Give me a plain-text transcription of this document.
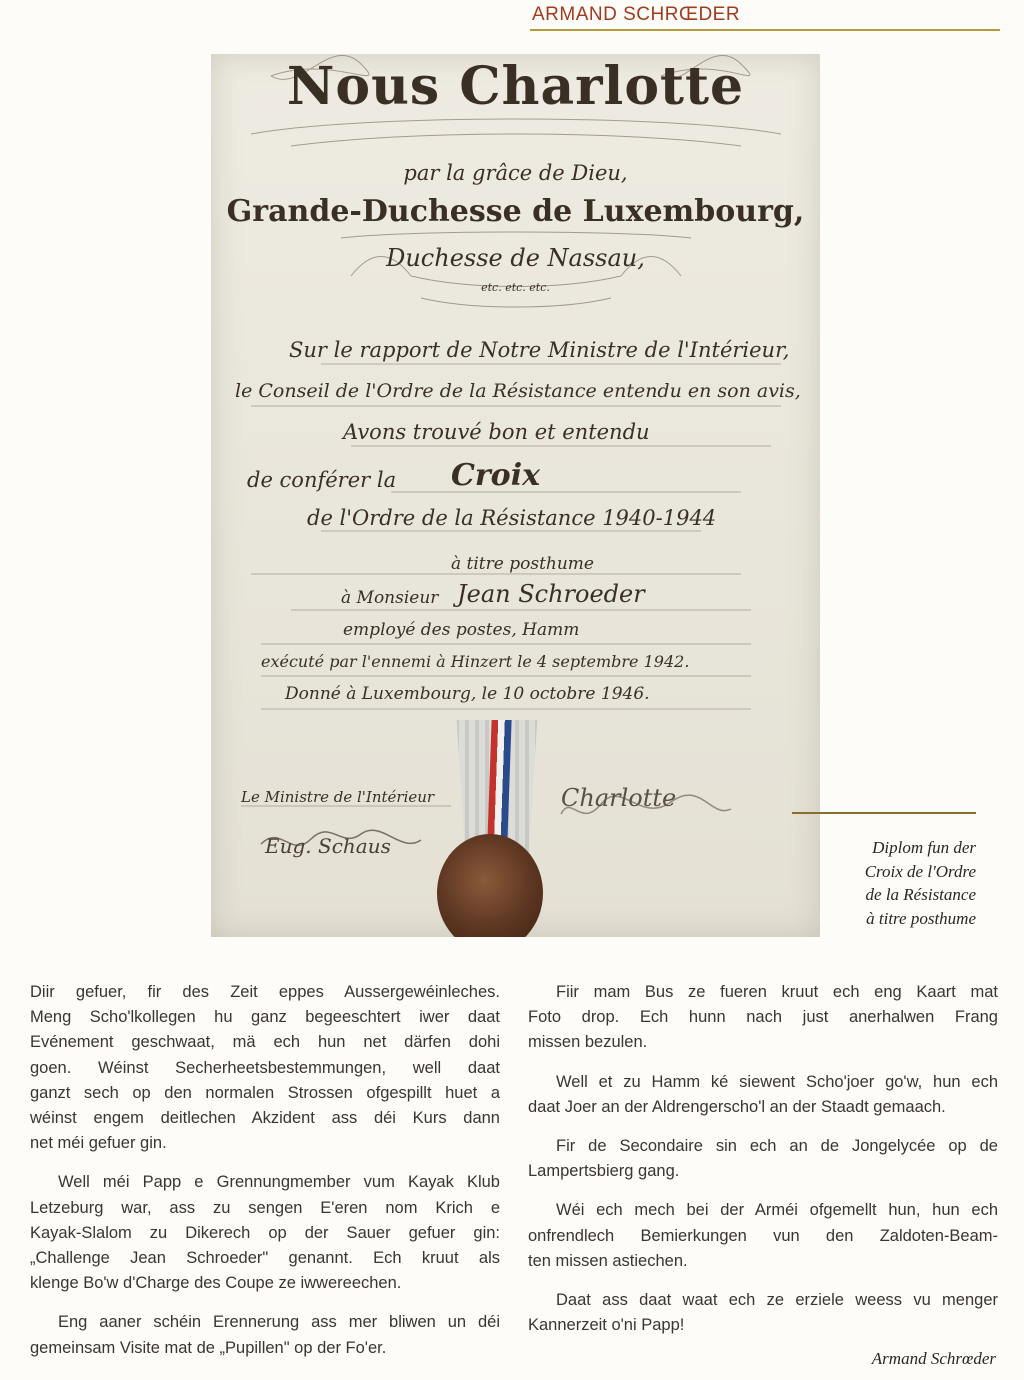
ARMAND SCHRŒDER
Nous Charlotte
par la grâce de Dieu,
Grande-Duchesse de Luxembourg,
Duchesse de Nassau,
etc. etc. etc.
Sur le rapport de Notre Ministre de l'Intérieur,
le Conseil de l'Ordre de la Résistance entendu en son avis,
Avons trouvé bon et entendu
de conférer la Croix
de l'Ordre de la Résistance 1940-1944
à titre posthume
à Monsieur Jean Schroeder
employé des postes, Hamm
exécuté par l'ennemi à Hinzert le 4 septembre 1942.
Donné à Luxembourg, le 10 octobre 1946.
Le Ministre de l'Intérieur
Eug. Schaus
Charlotte
Diplom fun der
Croix de l'Ordre
de la Résistance
à titre posthume

Diir gefuer, fir des Zeit eppes Aussergewéinleches.
Meng Scho'lkollegen hu ganz begeeschtert iwer daat
Evénement geschwaat, mä ech hun net därfen dohi
goen. Wéinst Secherheetsbestemmungen, well daat
ganzt sech op den normalen Strossen ofgespillt huet a
wéinst engem deitlechen Akzident ass déi Kurs dann
net méi gefuer gin.

Well méi Papp e Grennungmember vum Kayak Klub
Letzeburg war, ass zu sengen E'eren nom Krich e
Kayak-Slalom zu Dikerech op der Sauer gefuer gin:
„Challenge Jean Schroeder" genannt. Ech kruut als
klenge Bo'w d'Charge des Coupe ze iwwereechen.

Eng aaner schéin Erennerung ass mer bliwen un déi
gemeinsam Visite mat de „Pupillen" op der Fo'er.

Fiir mam Bus ze fueren kruut ech eng Kaart mat
Foto drop. Ech hunn nach just anerhalwen Frang
missen bezulen.

Well et zu Hamm ké siewent Scho'joer go'w, hun ech
daat Joer an der Aldrengerscho'l an der Staadt gemaach.

Fir de Secondaire sin ech an de Jongelycée op de
Lampertsbierg gang.

Wéi ech mech bei der Arméi ofgemellt hun, hun ech
onfrendlech Bemierkungen vun den Zaldoten-Beam-
ten missen astiechen.

Daat ass daat waat ech ze erziele weess vu menger
Kannerzeit o'ni Papp!

Armand Schrœder
